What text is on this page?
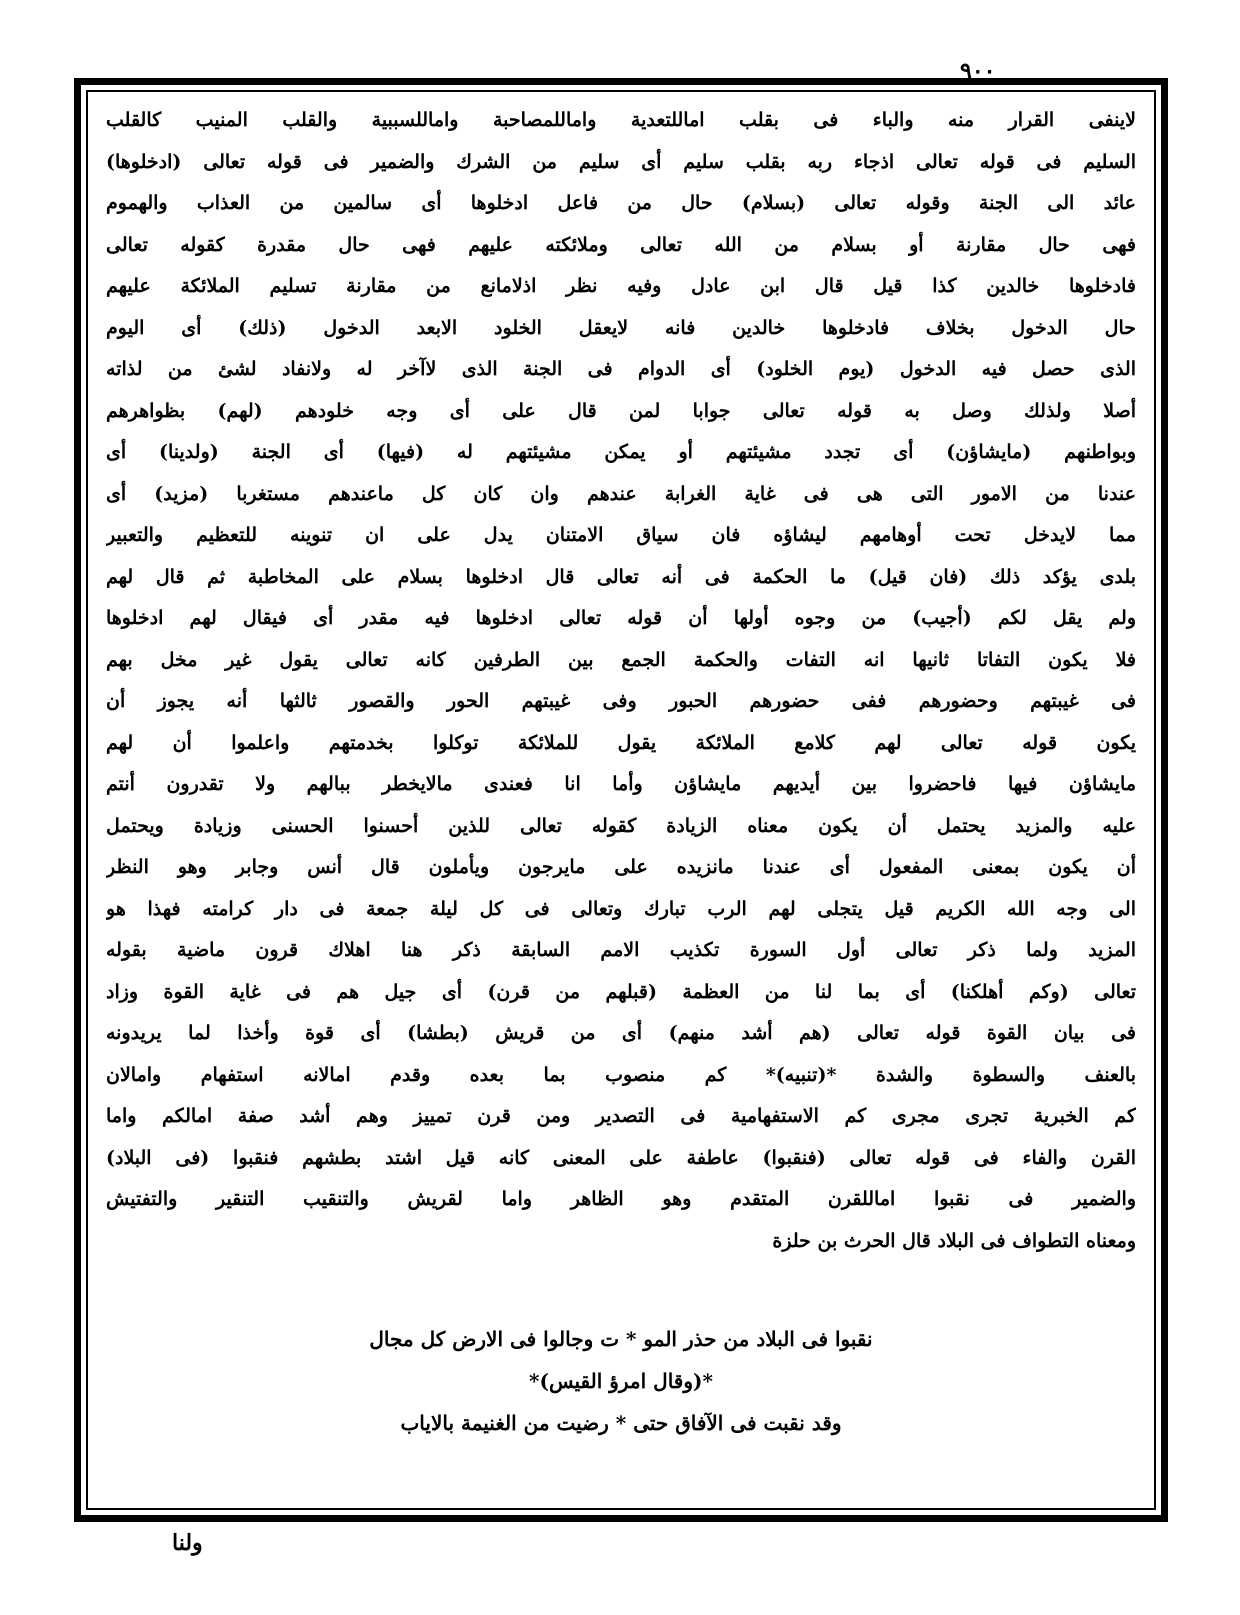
٩٠٠
لاينفى القرار منه والباء فى بقلب اماللتعدية واماللمصاحبة واماللسببية والقلب المنيب كالقلب
السليم فى قوله تعالى اذجاء ربه بقلب سليم أى سليم من الشرك والضمير فى قوله تعالى (ادخلوها)
عائد الى الجنة وقوله تعالى (بسلام) حال من فاعل ادخلوها أى سالمين من العذاب والهموم
فهى حال مقارنة أو بسلام من الله تعالى وملائكته عليهم فهى حال مقدرة كقوله تعالى
فادخلوها خالدين كذا قيل قال ابن عادل وفيه نظر اذلامانع من مقارنة تسليم الملائكة عليهم
حال الدخول بخلاف فادخلوها خالدين فانه لايعقل الخلود الابعد الدخول (ذلك) أى اليوم
الذى حصل فيه الدخول (يوم الخلود) أى الدوام فى الجنة الذى لاآخر له ولانفاد لشئ من لذاته
أصلا ولذلك وصل به قوله تعالى جوابا لمن قال على أى وجه خلودهم (لهم) بظواهرهم
وبواطنهم (مايشاؤن) أى تجدد مشيئتهم أو يمكن مشيئتهم له (فيها) أى الجنة (ولدينا) أى
عندنا من الامور التى هى فى غاية الغرابة عندهم وان كان كل ماعندهم مستغربا (مزيد) أى
مما لايدخل تحت أوهامهم ليشاؤه فان سياق الامتنان يدل على ان تنوينه للتعظيم والتعبير
بلدى يؤكد ذلك (فان قيل) ما الحكمة فى أنه تعالى قال ادخلوها بسلام على المخاطبة ثم قال لهم
ولم يقل لكم (أجيب) من وجوه أولها أن قوله تعالى ادخلوها فيه مقدر أى فيقال لهم ادخلوها
فلا يكون التفاتا ثانيها انه التفات والحكمة الجمع بين الطرفين كانه تعالى يقول غير مخل بهم
فى غيبتهم وحضورهم ففى حضورهم الحبور وفى غيبتهم الحور والقصور ثالثها أنه يجوز أن
يكون قوله تعالى لهم كلامع الملائكة يقول للملائكة توكلوا بخدمتهم واعلموا أن لهم
مايشاؤن فيها فاحضروا بين أيديهم مايشاؤن وأما انا فعندى مالايخطر ببالهم ولا تقدرون أنتم
عليه والمزيد يحتمل أن يكون معناه الزيادة كقوله تعالى للذين أحسنوا الحسنى وزيادة ويحتمل
أن يكون بمعنى المفعول أى عندنا مانزيده على مايرجون ويأملون قال أنس وجابر وهو النظر
الى وجه الله الكريم قيل يتجلى لهم الرب تبارك وتعالى فى كل ليلة جمعة فى دار كرامته فهذا هو
المزيد ولما ذكر تعالى أول السورة تكذيب الامم السابقة ذكر هنا اهلاك قرون ماضية بقوله
تعالى (وكم أهلكنا) أى بما لنا من العظمة (قبلهم من قرن) أى جيل هم فى غاية القوة وزاد
فى بيان القوة قوله تعالى (هم أشد منهم) أى من قريش (بطشا) أى قوة وأخذا لما يريدونه
بالعنف والسطوة والشدة *(تنبيه)* كم منصوب بما بعده وقدم امالانه استفهام وامالان
كم الخبرية تجرى مجرى كم الاستفهامية فى التصدير ومن قرن تمييز وهم أشد صفة امالكم واما
القرن والفاء فى قوله تعالى (فنقبوا) عاطفة على المعنى كانه قيل اشتد بطشهم فنقبوا (فى البلاد)
والضمير فى نقبوا اماللقرن المتقدم وهو الظاهر واما لقريش والتنقيب التنقير والتفتيش
ومعناه التطواف فى البلاد قال الحرث بن حلزة
نقبوا فى البلاد من حذر المو * ت وجالوا فى الارض كل مجال
*(وقال امرؤ القيس)*
وقد نقبت فى الآفاق حتى * رضيت من الغنيمة بالاياب
ولنا
